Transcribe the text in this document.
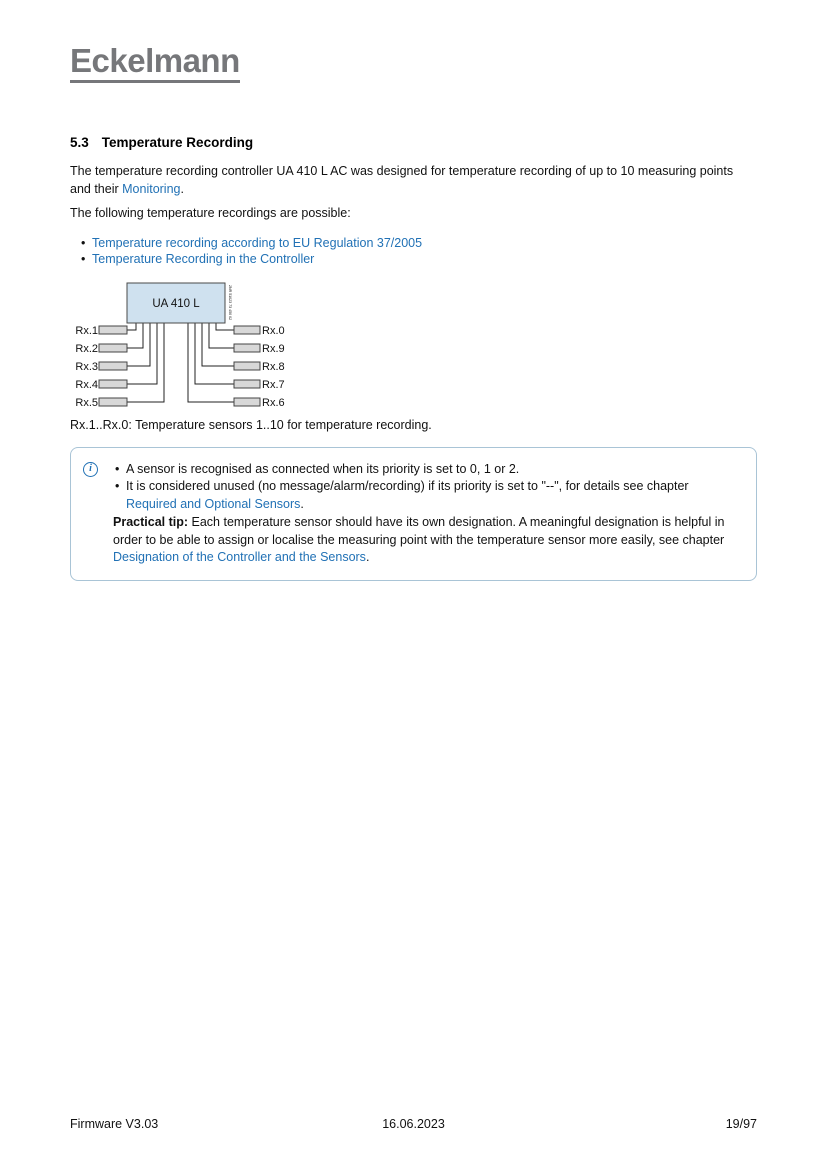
Eckelmann
5.3 Temperature Recording

The temperature recording controller UA 410 L AC was designed for temperature recording of up to 10 measuring points and their Monitoring.

The following temperature recordings are possible:

• Temperature recording according to EU Regulation 37/2005
• Temperature Recording in the Controller
UA 410 L	2NR 51023 73 450 02
Rx.1
Rx.2
Rx.3
Rx.4
Rx.5
Rx.0
Rx.9
Rx.8
Rx.7
Rx.6

Rx.1..Rx.0: Temperature sensors 1..10 for temperature recording.

i	• A sensor is recognised as connected when its priority is set to 0, 1 or 2.
• It is considered unused (no message/alarm/recording) if its priority is set to "--", for details see chapter Required and Optional Sensors.

Practical tip: Each temperature sensor should have its own designation. A meaningful designation is helpful in order to be able to assign or localise the measuring point with the temperature sensor more easily, see chapter Designation of the Controller and the Sensors.

16.06.2023
Firmware V3.03	19/97
